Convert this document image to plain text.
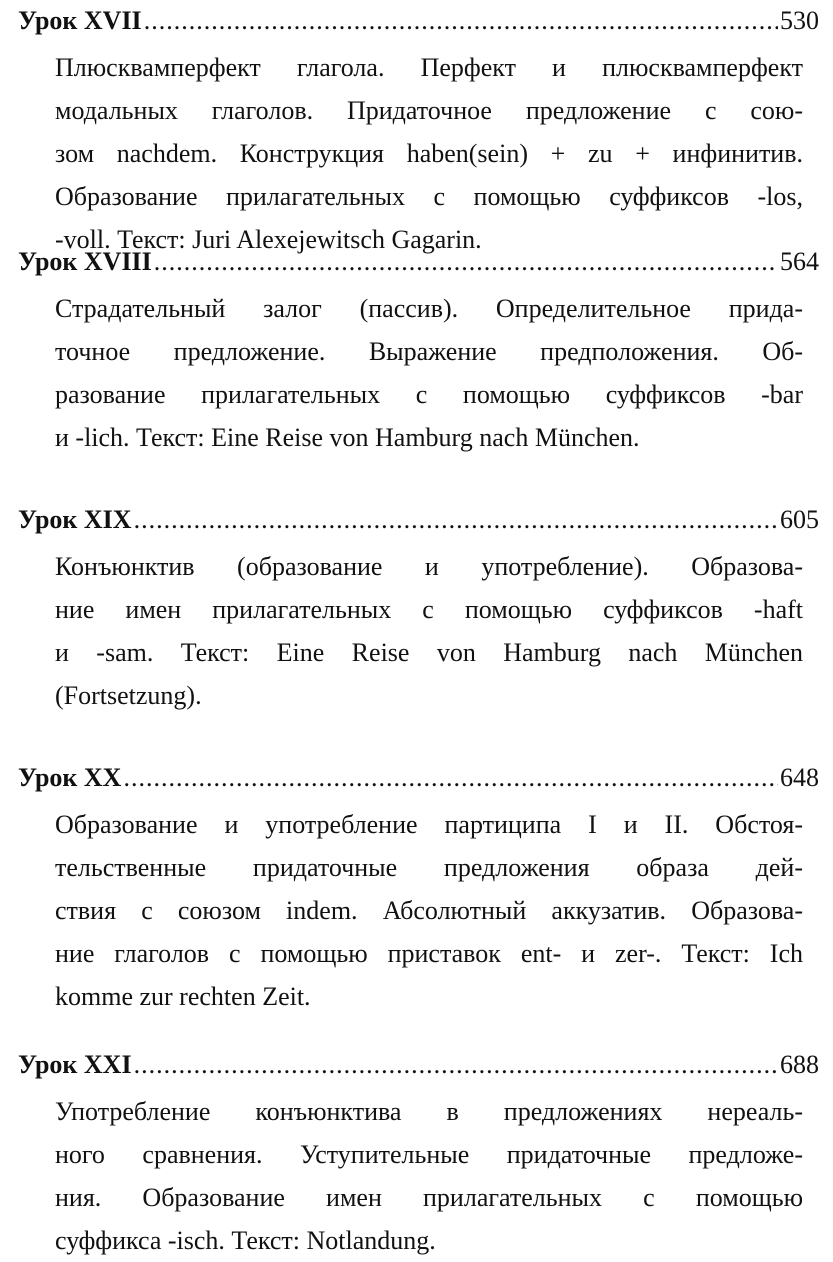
Урок XVII .....	530
Плюсквамперфект глагола. Перфект и плюсквамперфект
модальных глаголов. Придаточное предложение с сою-
зом nachdem. Конструкция haben(sein) + zu + инфинитив.
Образование прилагательных с помощью суффиксов -los,
-voll. Текст: Juri Alexejewitsch Gagarin.
Урок XVIII .....	564
Страдательный залог (пассив). Определительное прида-
точное предложение. Выражение предположения. Об-
разование прилагательных с помощью суффиксов -bar
и -lich. Текст: Eine Reise von Hamburg nach München.
Урок XIX .....	605
Конъюнктив (образование и употребление). Образова-
ние имен прилагательных с помощью суффиксов -haft
и -sam. Текст: Eine Reise von Hamburg nach München
(Fortsetzung).
Урок XX .....	648
Образование и употребление партиципа I и II. Обстоя-
тельственные придаточные предложения образа дей-
ствия с союзом indem. Абсолютный аккузатив. Образова-
ние глаголов с помощью приставок ent- и zer-. Текст: Ich
komme zur rechten Zeit.
Урок XXI .....	688
Употребление конъюнктива в предложениях нереаль-
ного сравнения. Уступительные придаточные предложе-
ния. Образование имен прилагательных с помощью
суффикса -isch. Текст: Notlandung.
